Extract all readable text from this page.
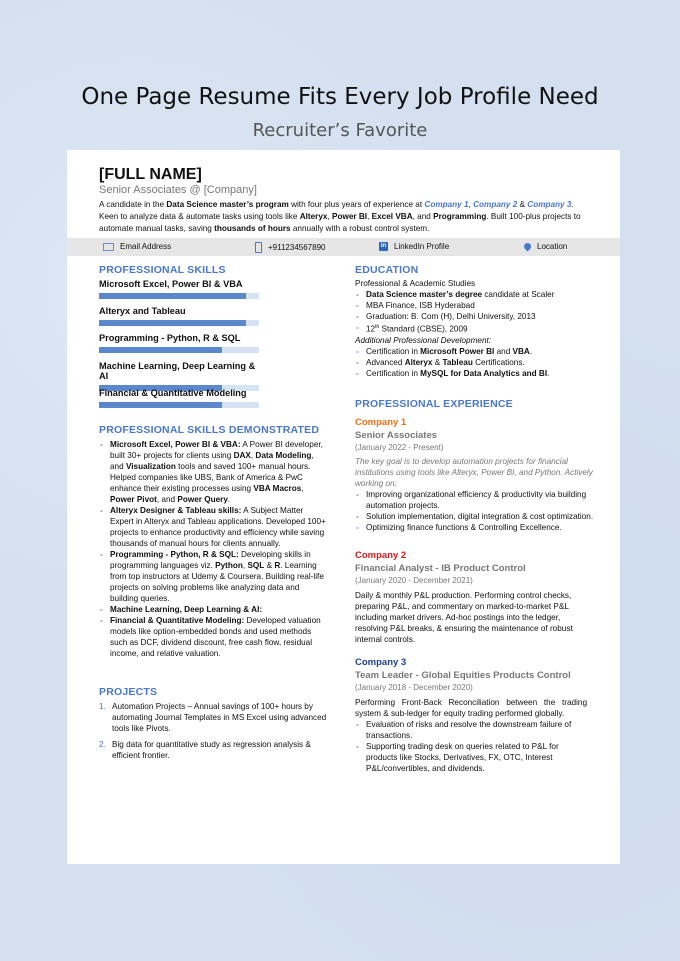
One Page Resume Fits Every Job Profile Need
Recruiter’s Favorite
[FULL NAME]
Senior Associates @ [Company]
A candidate in the Data Science master’s program with four plus years of experience at Company 1, Company 2 & Company 3. Keen to analyze data & automate tasks using tools like Alteryx, Power BI, Excel VBA, and Programming. Built 100-plus projects to automate manual tasks, saving thousands of hours annually with a robust control system.
Email Address	+911234567890	in LinkedIn Profile	Location
PROFESSIONAL SKILLS
Microsoft Excel, Power BI & VBA
Alteryx and Tableau
Programming - Python, R & SQL
Machine Learning, Deep Learning & AI
Financial & Quantitative Modeling
PROFESSIONAL SKILLS DEMONSTRATED
- Microsoft Excel, Power BI & VBA: A Power BI developer, built 30+ projects for clients using DAX, Data Modeling, and Visualization tools and saved 100+ manual hours. Helped companies like UBS, Bank of America & PwC enhance their existing processes using VBA Macros, Power Pivot, and Power Query.
- Alteryx Designer & Tableau skills: A Subject Matter Expert in Alteryx and Tableau applications. Developed 100+ projects to enhance productivity and efficiency while saving thousands of manual hours for clients annually.
- Programming - Python, R & SQL: Developing skills in programming languages viz. Python, SQL & R. Learning from top instructors at Udemy & Coursera. Building real-life projects on solving problems like analyzing data and building queries.
- Machine Learning, Deep Learning & AI:
- Financial & Quantitative Modeling: Developed valuation models like option-embedded bonds and used methods such as DCF, dividend discount, free cash flow, residual income, and relative valuation.
PROJECTS
1. Automation Projects – Annual savings of 100+ hours by automating Journal Templates in MS Excel using advanced tools like Pivots.
2. Big data for quantitative study as regression analysis & efficient frontier.
EDUCATION
Professional & Academic Studies
- Data Science master’s degree candidate at Scaler
- MBA Finance, ISB Hyderabad
- Graduation: B. Com (H), Delhi University, 2013
- 12th Standard (CBSE), 2009
Additional Professional Development:
- Certification in Microsoft Power BI and VBA.
- Advanced Alteryx & Tableau Certifications.
- Certification in MySQL for Data Analytics and BI.
PROFESSIONAL EXPERIENCE
Company 1
Senior Associates
(January 2022 - Present)
The key goal is to develop automation projects for financial institutions using tools like Alteryx, Power BI, and Python. Actively working on:
- Improving organizational efficiency & productivity via building automation projects.
- Solution implementation, digital integration & cost optimization.
- Optimizing finance functions & Controlling Excellence.
Company 2
Financial Analyst - IB Product Control
(January 2020 - December 2021)
Daily & monthly P&L production. Performing control checks, preparing P&L, and commentary on marked-to-market P&L including market drivers. Ad-hoc postings into the ledger, resolving P&L breaks, & ensuring the maintenance of robust internal controls.
Company 3
Team Leader - Global Equities Products Control
(January 2018 - December 2020)
Performing Front-Back Reconciliation between the trading system & sub-ledger for equity trading performed globally.
- Evaluation of risks and resolve the downstream failure of transactions.
- Supporting trading desk on queries related to P&L for products like Stocks, Derivatives, FX, OTC, Interest P&L/convertibles, and dividends.
